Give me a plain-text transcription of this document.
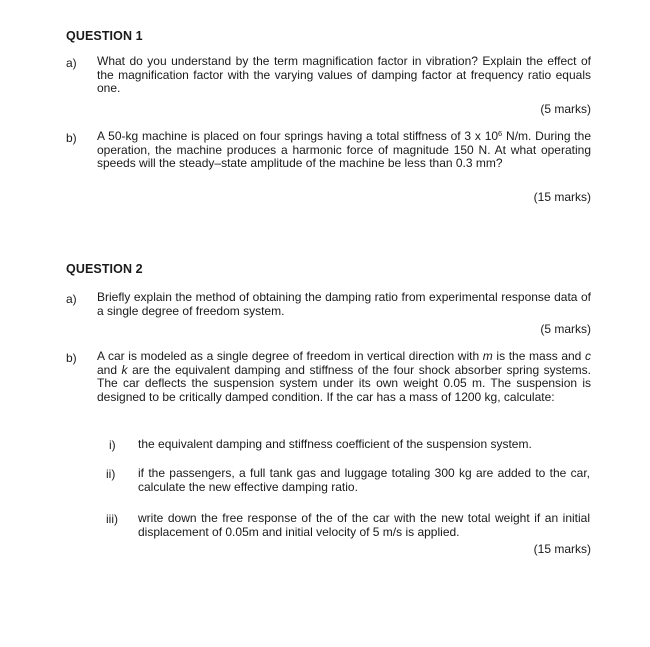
QUESTION 1
a) What do you understand by the term magnification factor in vibration? Explain the effect of the magnification factor with the varying values of damping factor at frequency ratio equals one.
(5 marks)
b) A 50-kg machine is placed on four springs having a total stiffness of 3 x $10^6$ N/m. During the operation, the machine produces a harmonic force of magnitude 150 N. At what operating speeds will the steady–state amplitude of the machine be less than 0.3 mm?
(15 marks)
QUESTION 2
a) Briefly explain the method of obtaining the damping ratio from experimental response data of a single degree of freedom system.
(5 marks)
b) A car is modeled as a single degree of freedom in vertical direction with m is the mass and c and k are the equivalent damping and stiffness of the four shock absorber spring systems. The car deflects the suspension system under its own weight 0.05 m. The suspension is designed to be critically damped condition. If the car has a mass of 1200 kg, calculate:
i) the equivalent damping and stiffness coefficient of the suspension system.
ii) if the passengers, a full tank gas and luggage totaling 300 kg are added to the car, calculate the new effective damping ratio.
iii) write down the free response of the of the car with the new total weight if an initial displacement of 0.05m and initial velocity of 5 m/s is applied.
(15 marks)
